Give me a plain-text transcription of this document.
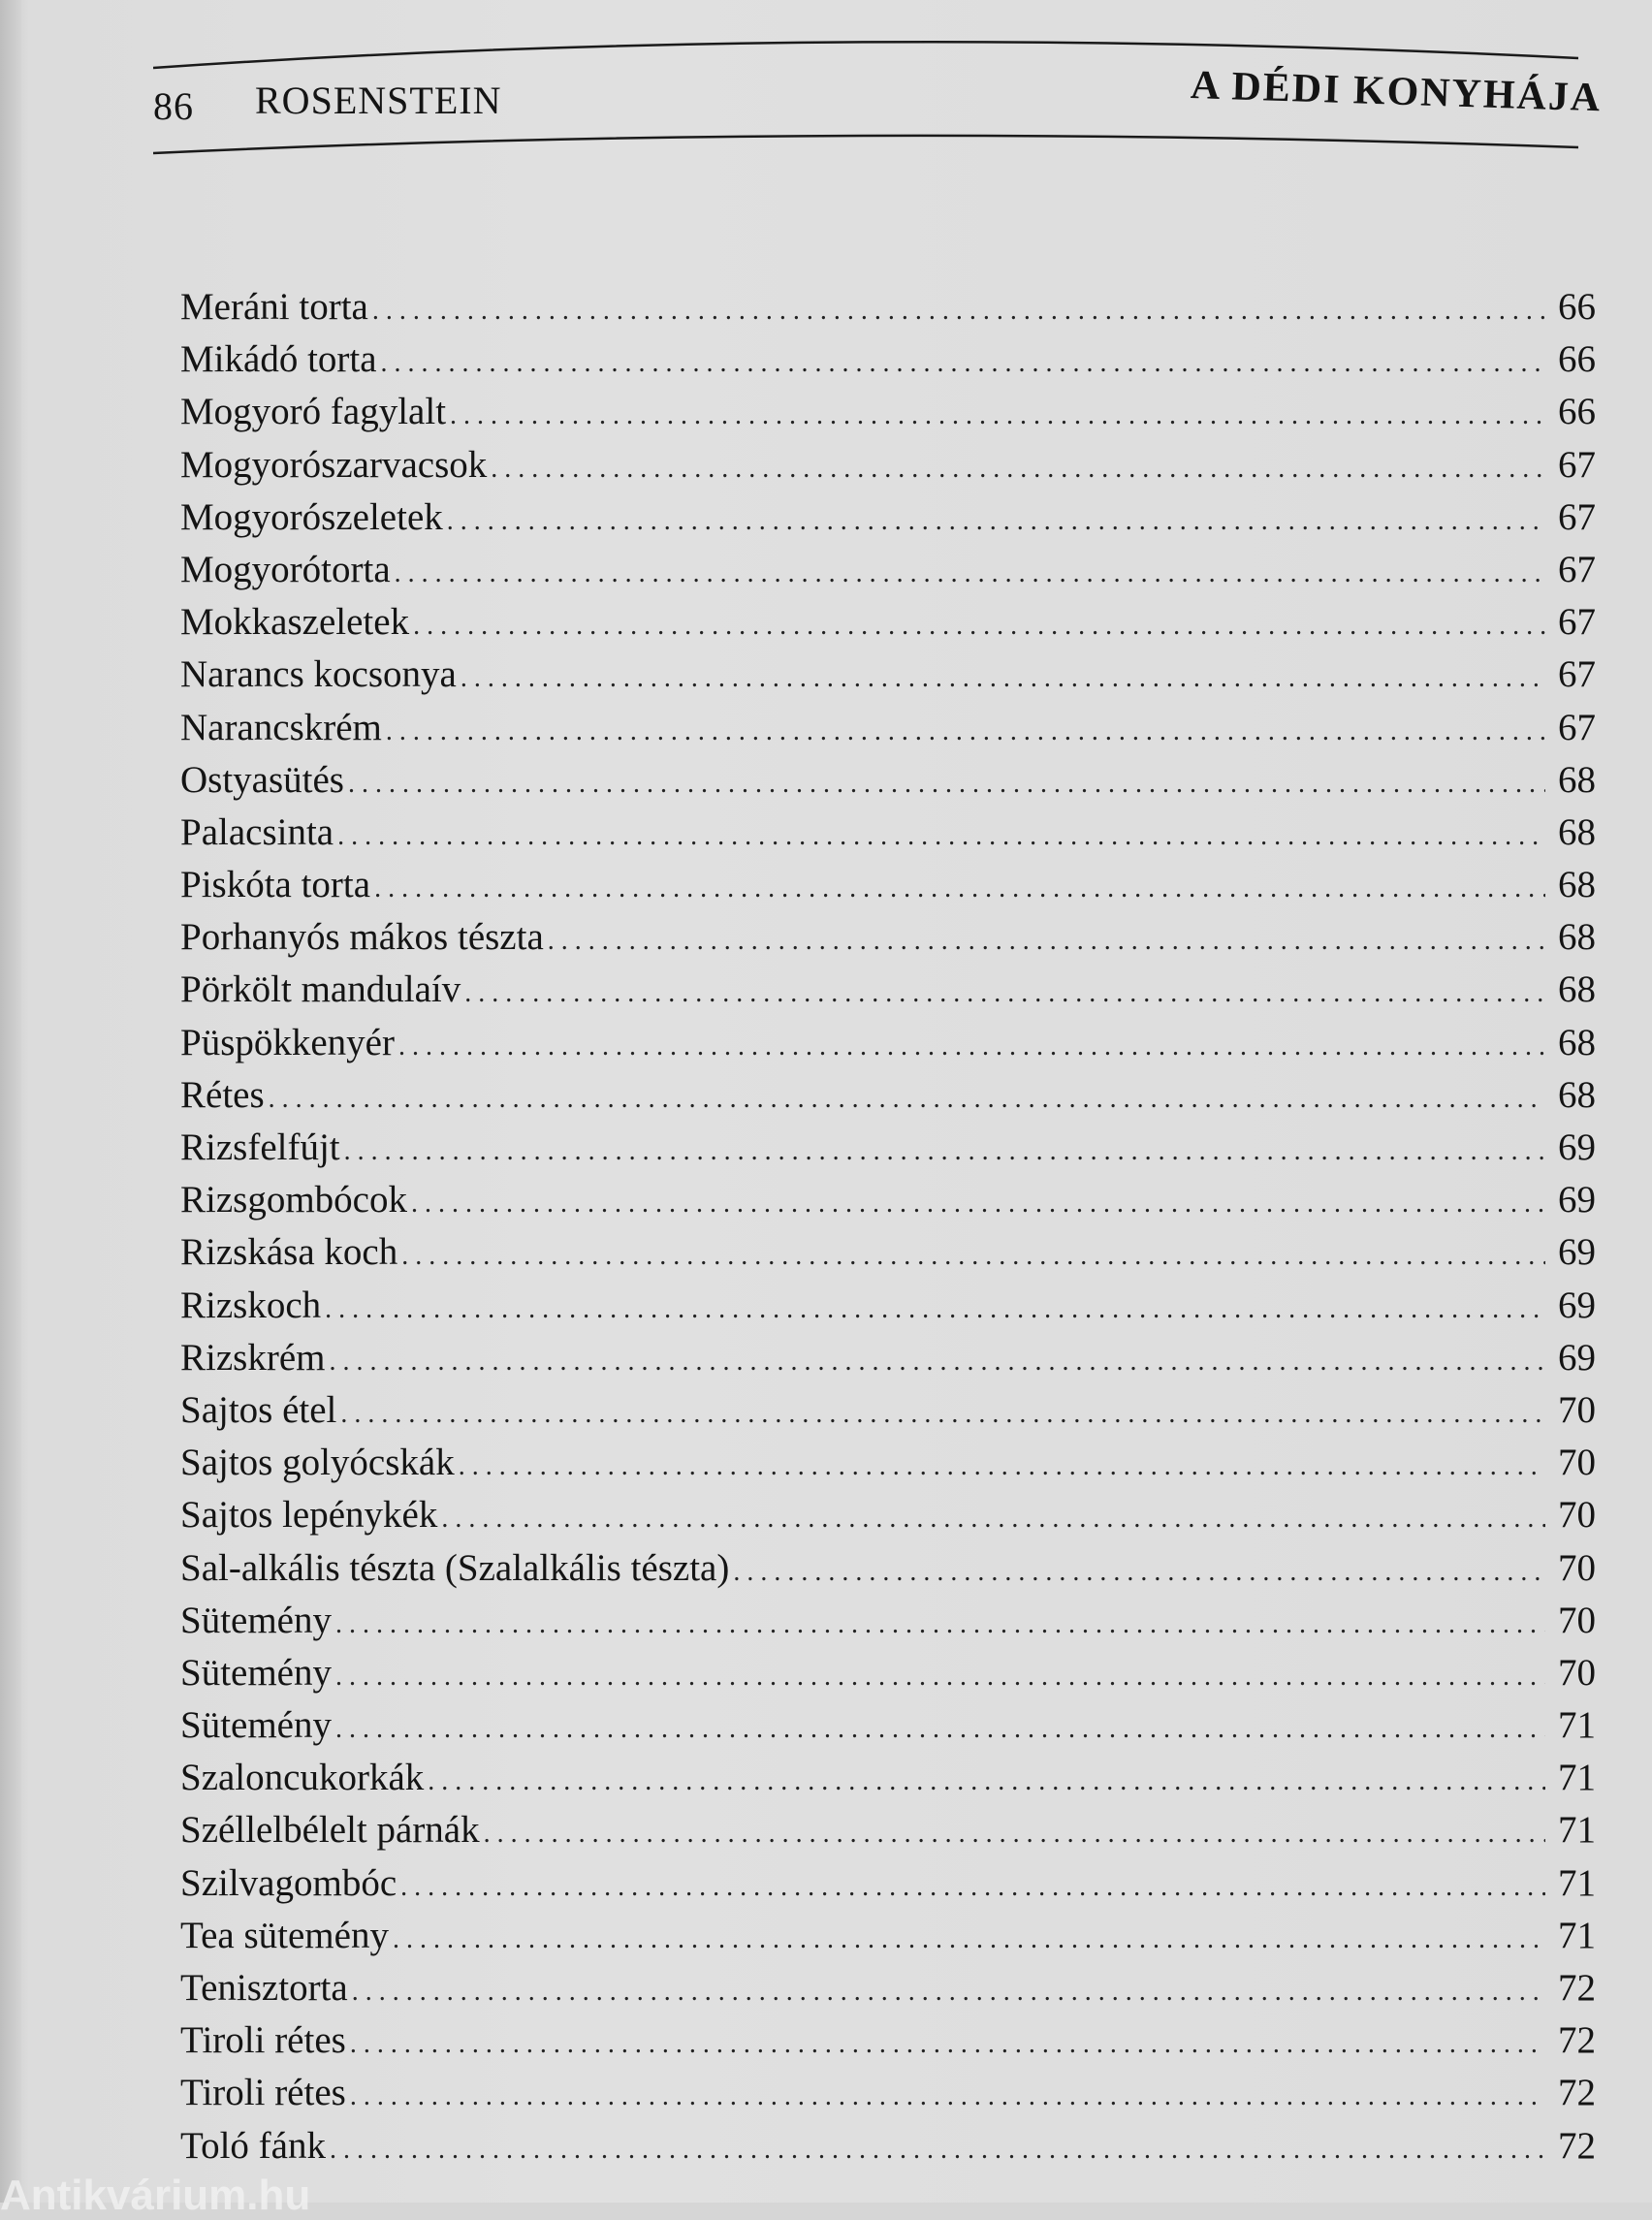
86 ROSENSTEIN	A DÉDI KONYHÁJA
Meráni torta . . .	66
Mikádó torta . . .	66
Mogyoró fagylalt . . .	66
Mogyorószarvacsok . . .	67
Mogyorószeletek . . .	67
Mogyorótorta . . .	67
Mokkaszeletek . . .	67
Narancs kocsonya . . .	67
Narancskrém . . .	67
Ostyasütés . . .	68
Palacsinta . . .	68
Piskóta torta . . .	68
Porhanyós mákos tészta . . .	68
Pörkölt mandulaív . . .	68
Püspökkenyér . . .	68
Rétes . . .	68
Rizsfelfújt . . .	69
Rizsgombócok . . .	69
Rizskása koch . . .	69
Rizskoch . . .	69
Rizskrém . . .	69
Sajtos étel . . .	70
Sajtos golyócskák . . .	70
Sajtos lepénykék . . .	70
Sal-alkális tészta (Szalalkális tészta) . . .	70
Sütemény . . .	70
Sütemény . . .	70
Sütemény . . .	71
Szaloncukorkák . . .	71
Széllelbélelt párnák . . .	71
Szilvagombóc . . .	71
Tea sütemény . . .	71
Tenisztorta . . .	72
Tiroli rétes . . .	72
Tiroli rétes . . .	72
Toló fánk . . .	72
Antikvárium.hu
